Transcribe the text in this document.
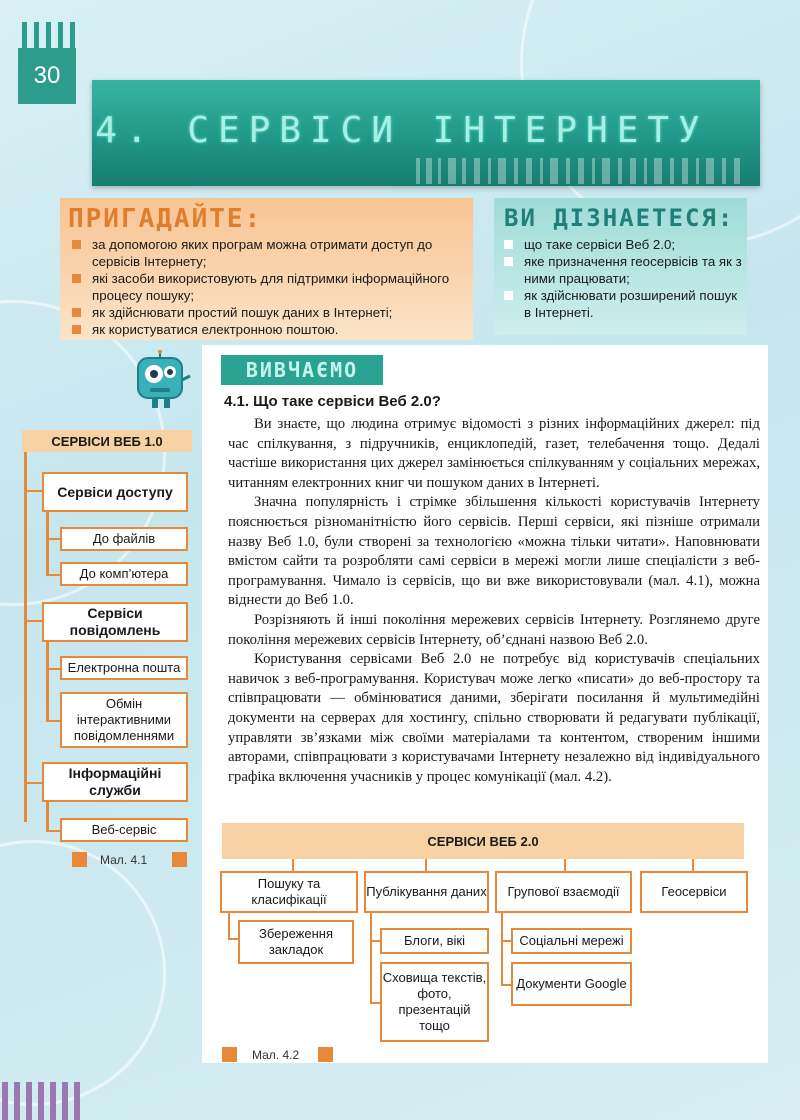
30
4. СЕРВІСИ ІНТЕРНЕТУ
ПРИГАДАЙТЕ:
за допомогою яких програм можна отримати доступ до сервісів Інтернету;
які засоби використовують для підтримки інформаційного процесу пошуку;
як здійснювати простий пошук даних в Інтернеті;
як користуватися електронною поштою.
ВИ ДІЗНАЕТЕСЯ:
що таке сервіси Веб 2.0;
яке призначення геосервісів та як з ними працювати;
як здійснювати розширений пошук в Інтернеті.
ВИВЧАЄМО
4.1. Що таке сервіси Веб 2.0?

Ви знаєте, що людина отримує відомості з різних інформаційних джерел: під час спілкування, з підручників, енциклопедій, газет, телебачення тощо. Дедалі частіше використання цих джерел замінюється спілкуванням у соціальних мережах, читанням електронних книг чи пошуком даних в Інтернеті.

Значна популярність і стрімке збільшення кількості користувачів Інтернету пояснюється різноманітністю його сервісів. Перші сервіси, які пізніше отримали назву Веб 1.0, були створені за технологією «можна тільки читати». Наповнювати вмістом сайти та розробляти самі сервіси в мережі могли лише спеціалісти з веб-програмування. Чимало із сервісів, що ви вже використовували (мал. 4.1), можна віднести до Веб 1.0.

Розрізняють й інші покоління мережевих сервісів Інтернету. Розглянемо друге покоління мережевих сервісів Інтернету, об’єднані назвою Веб 2.0.

Користування сервісами Веб 2.0 не потребує від користувачів спеціальних навичок з веб-програмування. Користувач може легко «писати» до веб-простору та співпрацювати — обмінюватися даними, зберігати посилання й мультимедійні документи на серверах для хостингу, спільно створювати й редагувати публікації, управляти зв’язками між своїми матеріалами та контентом, створеним іншими авторами, співпрацювати з користувачами Інтернету незалежно від індивідуального графіка включення учасників у процес комунікації (мал. 4.2).

СЕРВІСИ ВЕБ 1.0
Сервіси доступу
До файлів
До комп’ютера
Сервіси повідомлень
Електронна пошта
Обмін інтерактивними повідомленнями
Інформаційні служби
Веб-сервіс
Мал. 4.1
СЕРВІСИ ВЕБ 2.0
Пошуку та класифікації
Збереження закладок
Публікування даних
Блоги, вікі
Сховища текстів, фото, презентацій тощо
Групової взаємодії
Соціальні мережі
Документи Google
Геосервіси
Мал. 4.2
